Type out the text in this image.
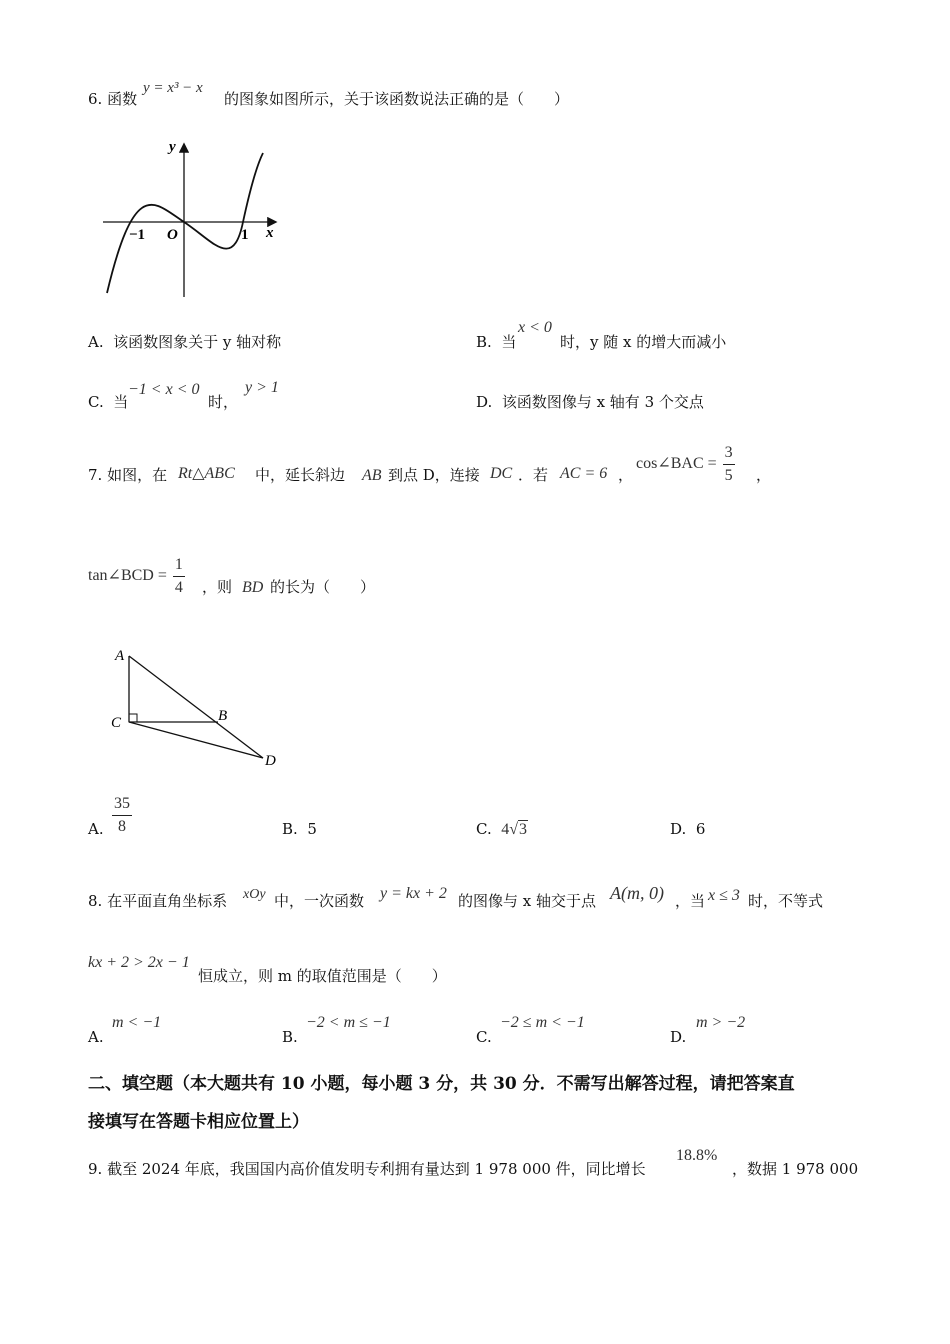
6. 函数
y = x³ − x
的图象如图所示，关于该函数说法正确的是（　　）
y
x
O
−1	1
A. 该函数图象关于 y 轴对称	B. 当
x < 0
时，y 随 x 的增大而减小
C. 当
−1 < x < 0
时，
y > 1
D. 该函数图像与 x 轴有 3 个交点
7. 如图，在 Rt△ABC 中，延长斜边 AB 到点 D，连接 DC ．若 AC = 6 ，
cos∠BAC = $\frac{3}{5}$ ，
tan∠BCD = $\frac{1}{4}$ ，则 BD 的长为（　　）
A
B
C
D
A. $\frac{35}{8}$	B. 5	C. 4√3	D. 6
8. 在平面直角坐标系 xOy 中，一次函数 y = kx + 2 的图像与 x 轴交于点 A(m, 0) ，当 x ≤ 3 时，不等式
kx + 2 > 2x − 1
恒成立，则 m 的取值范围是（　　）
A.
m < −1
B.
−2 < m ≤ −1
C.
−2 ≤ m < −1
D.
m > −2
二、填空题（本大题共有 10 小题，每小题 3 分，共 30 分．不需写出解答过程，请把答案直
接填写在答题卡相应位置上）
9. 截至 2024 年底，我国国内高价值发明专利拥有量达到 1 978 000 件，同比增长
18.8%
，数据 1 978 000
